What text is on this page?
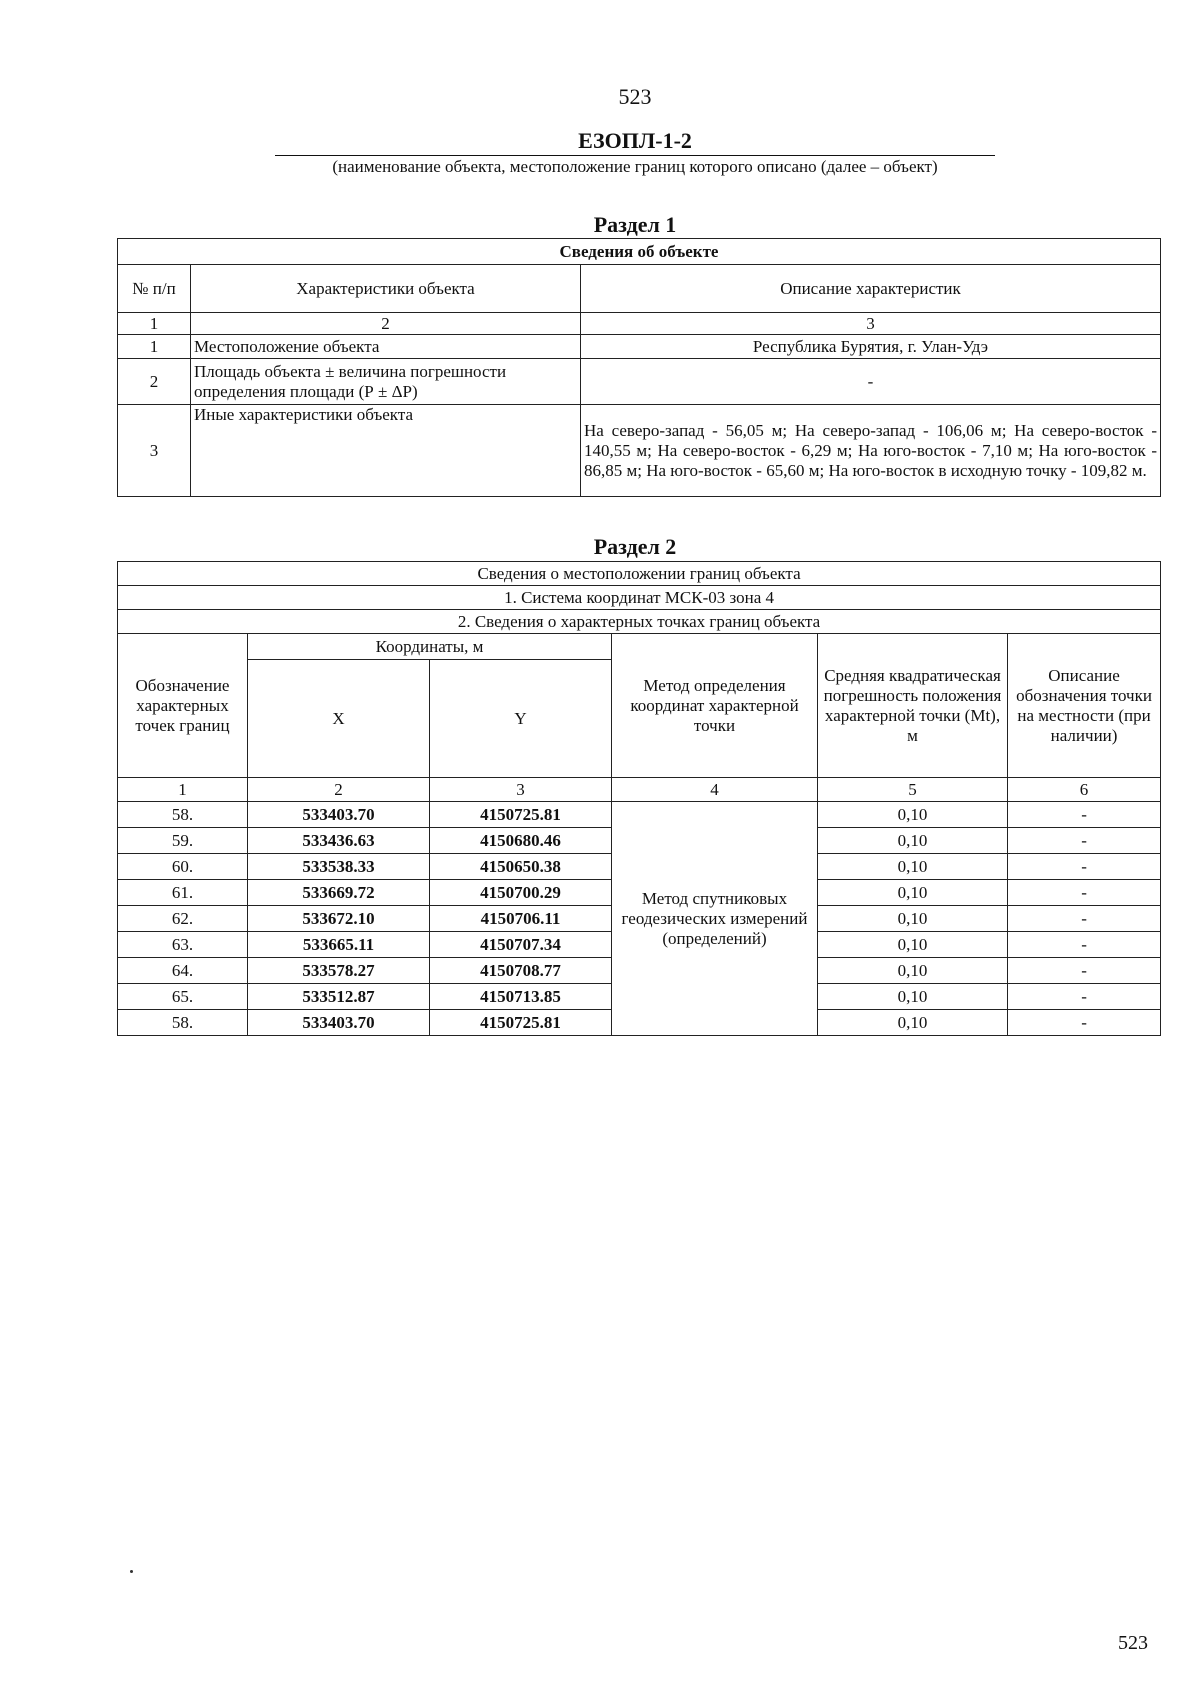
523
ЕЗОПЛ-1-2
(наименование объекта, местоположение границ которого описано (далее – объект)
Раздел 1
Сведения об объекте		
№ п/п	Характеристики объекта	Описание характеристик
1	2	3
1	Местоположение объекта	Республика Бурятия, г. Улан-Удэ
2	Площадь объекта ± величина погрешности определения площади (Р ± ΔР)	-
3	Иные характеристики объекта	На северо-запад - 56,05 м; На северо-запад - 106,06 м; На северо-восток - 140,55 м; На северо-восток - 6,29 м; На юго-восток - 7,10 м; На юго-восток - 86,85 м; На юго-восток - 65,60 м; На юго-восток в исходную точку - 109,82 м.
Раздел 2
Сведения о местоположении границ объекта					
1. Система координат МСК-03 зона 4					
2. Сведения о характерных точках границ объекта					
Обозначение характерных точек границ	Координаты, м		Метод определения координат характерной точки	Средняя квадратическая погрешность положения характерной точки (Mt), м	Описание обозначения точки на местности (при наличии)
	X	Y			
1	2	3	4	5	6
58.	533403.70	4150725.81	Метод спутниковых геодезических измерений (определений)	0,10	-
59.	533436.63	4150680.46		0,10	-
60.	533538.33	4150650.38		0,10	-
61.	533669.72	4150700.29		0,10	-
62.	533672.10	4150706.11		0,10	-
63.	533665.11	4150707.34		0,10	-
64.	533578.27	4150708.77		0,10	-
65.	533512.87	4150713.85		0,10	-
58.	533403.70	4150725.81		0,10	-
523
